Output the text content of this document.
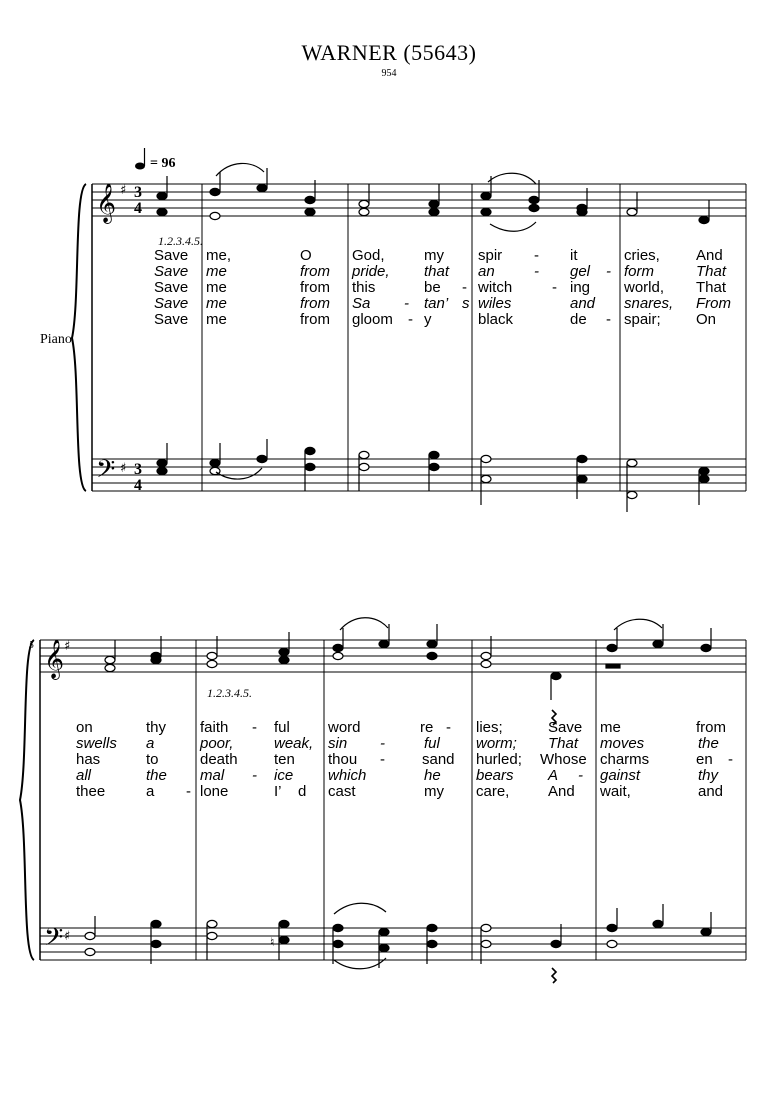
WARNER (55643)
954
Piano
= 96
5
1.2.3.4.5.
1.2.3.4.5.
𝄞
𝄢
𝄞
𝄢
♯
♯
♯
♯
3
4
3
4
♮
Save me,	O	God,	my spir - it	cries, And
Save me	from pride, that an	- gel - form	That
Save me	from this	be - witch	- ing world, That
Save me	from Sa - tan’ s wiles	and snares, From
Save me	from gloom - y	black	de - spair; On
on	thy faith - ful	word	re - lies;	Save me	from
swells a	poor,	weak, sin -	ful worm; That moves	the
has	to	death ten thou - sand hurled; Whose charms	en -
all	the mal - ice which	he bears A - gainst	thy
thee	a - lone	I’ d cast	my care,	And wait,	and
